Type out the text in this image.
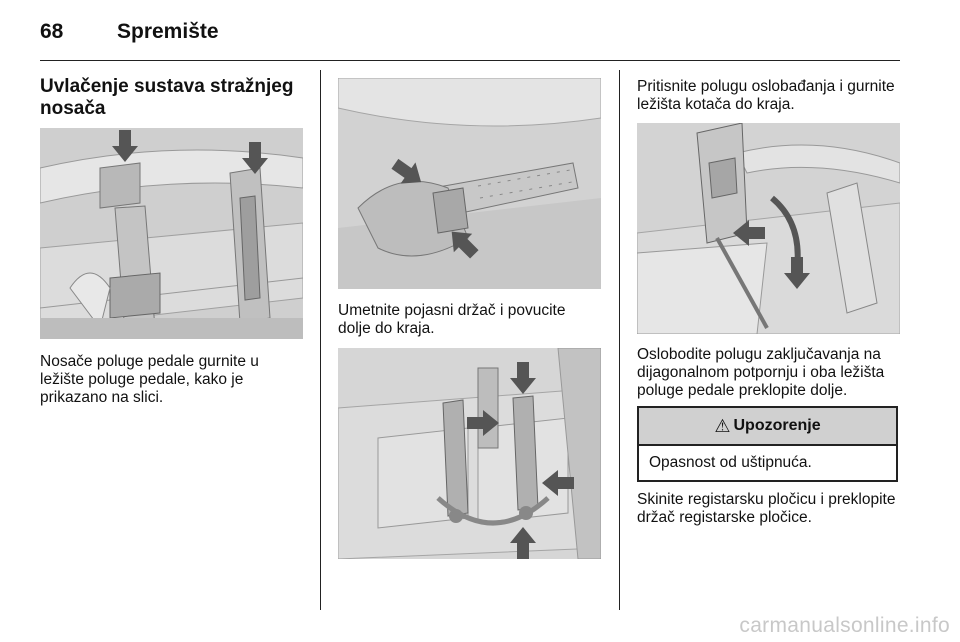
68	Spremište
Uvlačenje sustava stražnjeg nosača
Nosače poluge pedale gurnite u ležište poluge pedale, kako je prikazano na slici.
Umetnite pojasni držač i povucite dolje do kraja.
Pritisnite polugu oslobađanja i gurnite ležišta kotača do kraja.
Oslobodite polugu zaključavanja na dijagonalnom potpornju i oba ležišta poluge pedale preklopite dolje.
⚠ Upozorenje
Opasnost od uštipnuća.
Skinite registarsku pločicu i preklopite držač registarske pločice.
carmanualsonline.info
